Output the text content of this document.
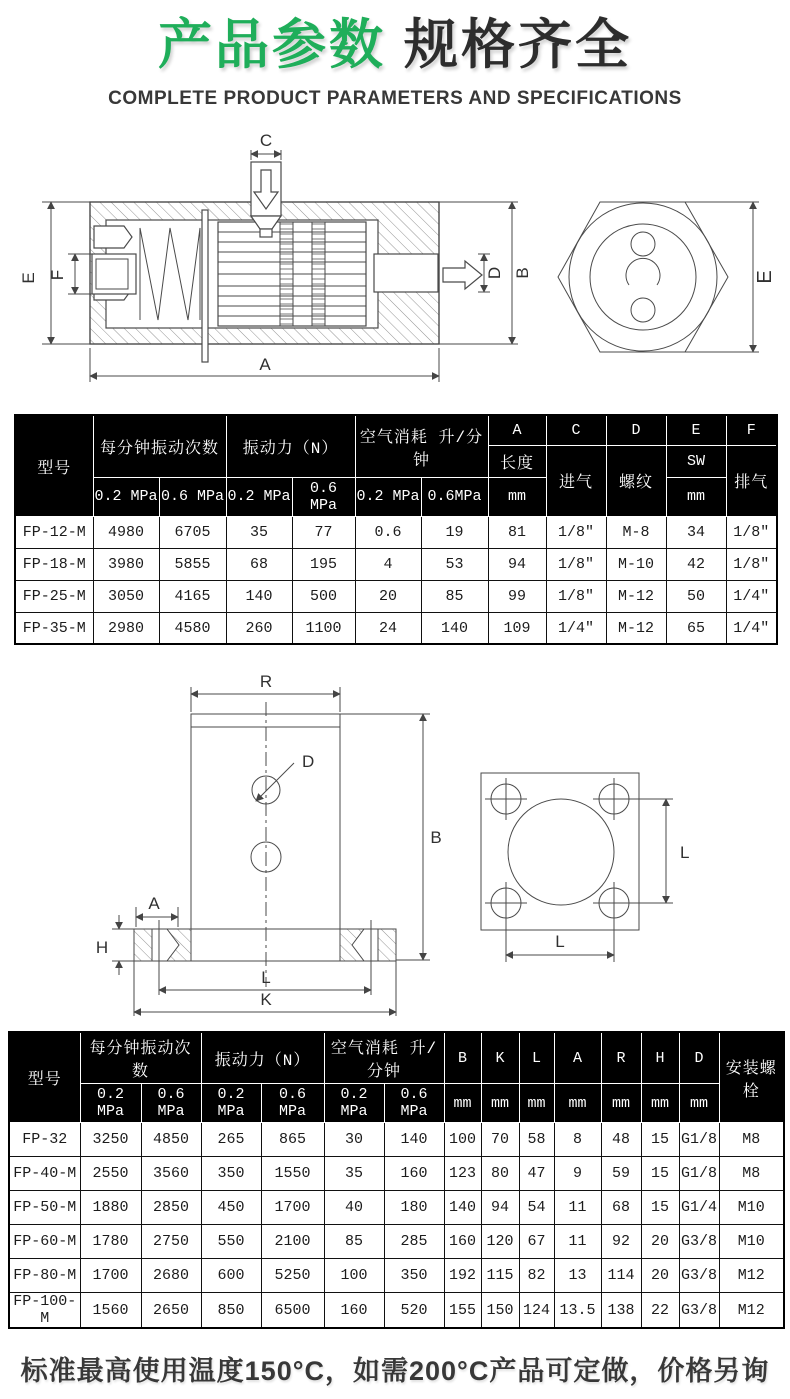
产品参数 规格齐全
COMPLETE PRODUCT PARAMETERS AND SPECIFICATIONS
C
E F	D B
A
E
型号	每分钟振动次数		振动力（N）		空气消耗 升/分钟		A	C	D	E	F
							长度	进气	螺纹	SW	排气
	0.2 MPa	0.6 MPa	0.2 MPa	0.6 MPa	0.2 MPa	0.6MPa	mm			mm	
FP-12-M	4980	6705	35	77	0.6	19	81	1/8″	M-8	34	1/8″
FP-18-M	3980	5855	68	195	4	53	94	1/8″	M-10	42	1/8″
FP-25-M	3050	4165	140	500	20	85	99	1/8″	M-12	50	1/4″
FP-35-M	2980	4580	260	1100	24	140	109	1/4″	M-12	65	1/4″
D
R
B
A
H
L
K
L
L
型号	每分钟振动次数		振动力（N）		空气消耗 升/分钟		B	K	L	A	R	H	D	安装螺栓
	0.2 MPa	0.6 MPa	0.2 MPa	0.6 MPa	0.2 MPa	0.6 MPa	mm	mm	mm	mm	mm	mm	mm	
FP-32	3250	4850	265	865	30	140	100	70	58	8	48	15	G1/8	M8
FP-40-M	2550	3560	350	1550	35	160	123	80	47	9	59	15	G1/8	M8
FP-50-M	1880	2850	450	1700	40	180	140	94	54	11	68	15	G1/4	M10
FP-60-M	1780	2750	550	2100	85	285	160	120	67	11	92	20	G3/8	M10
FP-80-M	1700	2680	600	5250	100	350	192	115	82	13	114	20	G3/8	M12
FP-100-M	1560	2650	850	6500	160	520	155	150	124	13.5	138	22	G3/8	M12
标准最高使用温度150°C，如需200°C产品可定做，价格另询
